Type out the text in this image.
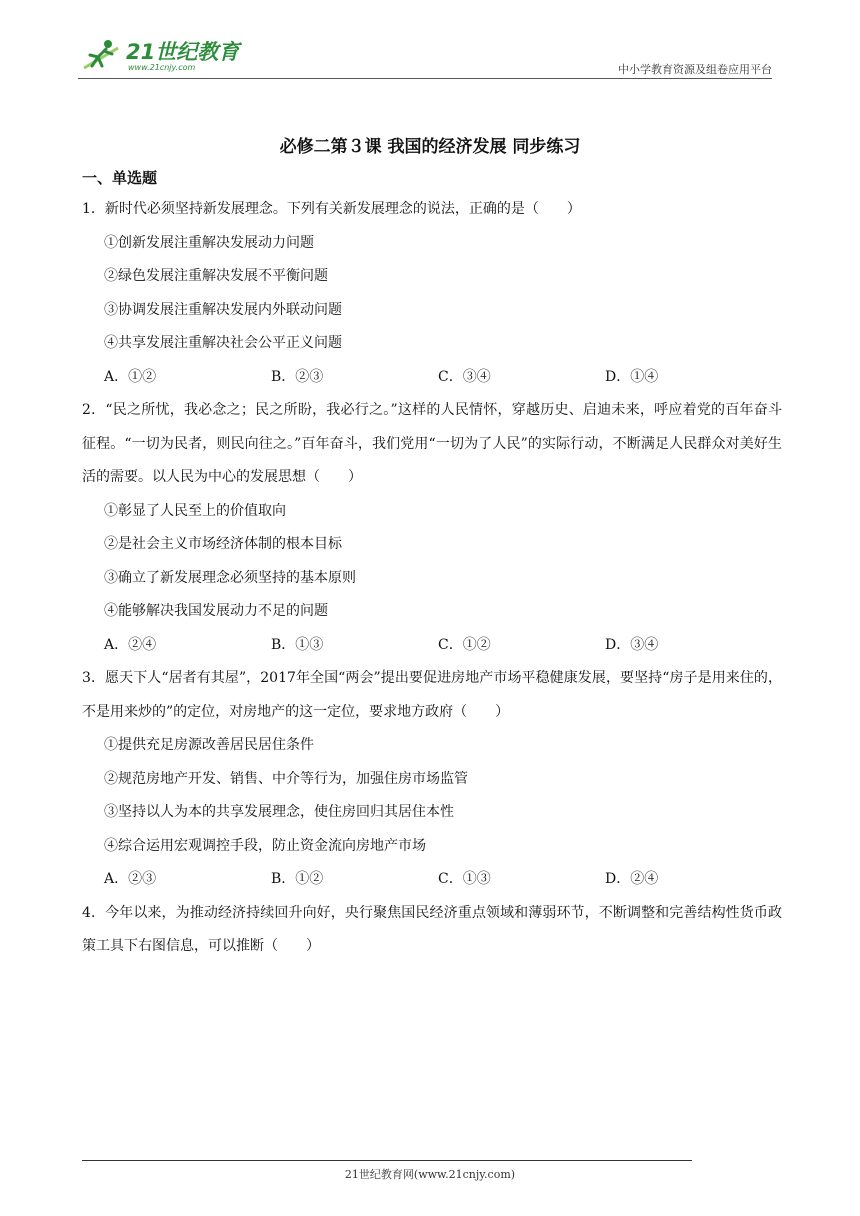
21世纪教育
www.21cnjy.com	中小学教育资源及组卷应用平台
必修二第３课 我国的经济发展 同步练习
一、单选题

1．新时代必须坚持新发展理念。下列有关新发展理念的说法，正确的是（　　）

①创新发展注重解决发展动力问题

②绿色发展注重解决发展不平衡问题

③协调发展注重解决发展内外联动问题

④共享发展注重解决社会公平正义问题

A．①②	B．②③	C．③④	D．①④

2．“民之所忧，我必念之；民之所盼，我必行之。”这样的人民情怀，穿越历史、启迪未来，呼应着党的百年奋斗征程。“一切为民者，则民向往之。”百年奋斗，我们党用“一切为了人民”的实际行动，不断满足人民群众对美好生活的需要。以人民为中心的发展思想（　　）

①彰显了人民至上的价值取向

②是社会主义市场经济体制的根本目标

③确立了新发展理念必须坚持的基本原则

④能够解决我国发展动力不足的问题

A．②④	B．①③	C．①②	D．③④

3．愿天下人“居者有其屋”，2017年全国“两会”提出要促进房地产市场平稳健康发展，要坚持“房子是用来住的，不是用来炒的”的定位，对房地产的这一定位，要求地方政府（　　）

①提供充足房源改善居民居住条件

②规范房地产开发、销售、中介等行为，加强住房市场监管

③坚持以人为本的共享发展理念，使住房回归其居住本性

④综合运用宏观调控手段，防止资金流向房地产市场

A．②③	B．①②	C．①③	D．②④

4．今年以来，为推动经济持续回升向好，央行聚焦国民经济重点领域和薄弱环节，不断调整和完善结构性货币政策工具下右图信息，可以推断（　　）

21世纪教育网(www.21cnjy.com)
